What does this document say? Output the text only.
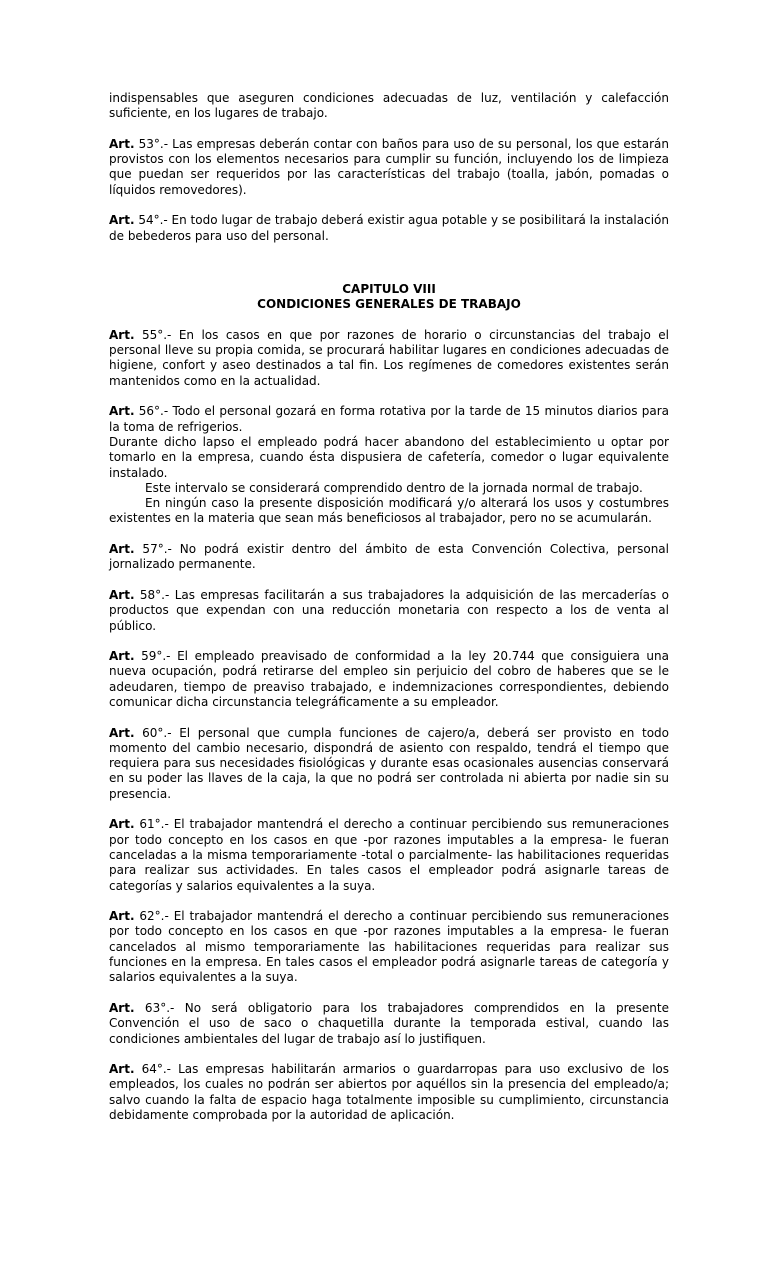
indispensables que aseguren condiciones adecuadas de luz, ventilación y calefacción suficiente, en los lugares de trabajo.

Art. 53°.- Las empresas deberán contar con baños para uso de su personal, los que estarán provistos con los elementos necesarios para cumplir su función, incluyendo los de limpieza que puedan ser requeridos por las características del trabajo (toalla, jabón, pomadas o líquidos removedores).

Art. 54°.- En todo lugar de trabajo deberá existir agua potable y se posibilitará la instalación de bebederos para uso del personal.

CAPITULO VIII
CONDICIONES GENERALES DE TRABAJO

Art. 55°.- En los casos en que por razones de horario o circunstancias del trabajo el personal lleve su propia comida, se procurará habilitar lugares en condiciones adecuadas de higiene, confort y aseo destinados a tal fin. Los regímenes de comedores existentes serán mantenidos como en la actualidad.

Art. 56°.- Todo el personal gozará en forma rotativa por la tarde de 15 minutos diarios para la toma de refrigerios.

Durante dicho lapso el empleado podrá hacer abandono del establecimiento u optar por tomarlo en la empresa, cuando ésta dispusiera de cafetería, comedor o lugar equivalente instalado.

Este intervalo se considerará comprendido dentro de la jornada normal de trabajo.

En ningún caso la presente disposición modificará y/o alterará los usos y costumbres existentes en la materia que sean más beneficiosos al trabajador, pero no se acumularán.

Art. 57°.- No podrá existir dentro del ámbito de esta Convención Colectiva, personal jornalizado permanente.

Art. 58°.- Las empresas facilitarán a sus trabajadores la adquisición de las mercaderías o productos que expendan con una reducción monetaria con respecto a los de venta al público.

Art. 59°.- El empleado preavisado de conformidad a la ley 20.744 que consiguiera una nueva ocupación, podrá retirarse del empleo sin perjuicio del cobro de haberes que se le adeudaren, tiempo de preaviso trabajado, e indemnizaciones correspondientes, debiendo comunicar dicha circunstancia telegráficamente a su empleador.

Art. 60°.- El personal que cumpla funciones de cajero/a, deberá ser provisto en todo momento del cambio necesario, dispondrá de asiento con respaldo, tendrá el tiempo que requiera para sus necesidades fisiológicas y durante esas ocasionales ausencias conservará en su poder las llaves de la caja, la que no podrá ser controlada ni abierta por nadie sin su presencia.

Art. 61°.- El trabajador mantendrá el derecho a continuar percibiendo sus remuneraciones por todo concepto en los casos en que -por razones imputables a la empresa- le fueran canceladas a la misma temporariamente -total o parcialmente- las habilitaciones requeridas para realizar sus actividades. En tales casos el empleador podrá asignarle tareas de categorías y salarios equivalentes a la suya.

Art. 62°.- El trabajador mantendrá el derecho a continuar percibiendo sus remuneraciones por todo concepto en los casos en que -por razones imputables a la empresa- le fueran cancelados al mismo temporariamente las habilitaciones requeridas para realizar sus funciones en la empresa. En tales casos el empleador podrá asignarle tareas de categoría y salarios equivalentes a la suya.

Art. 63°.- No será obligatorio para los trabajadores comprendidos en la presente Convención el uso de saco o chaquetilla durante la temporada estival, cuando las condiciones ambientales del lugar de trabajo así lo justifiquen.

Art. 64°.- Las empresas habilitarán armarios o guardarropas para uso exclusivo de los empleados, los cuales no podrán ser abiertos por aquéllos sin la presencia del empleado/a; salvo cuando la falta de espacio haga totalmente imposible su cumplimiento, circunstancia debidamente comprobada por la autoridad de aplicación.
